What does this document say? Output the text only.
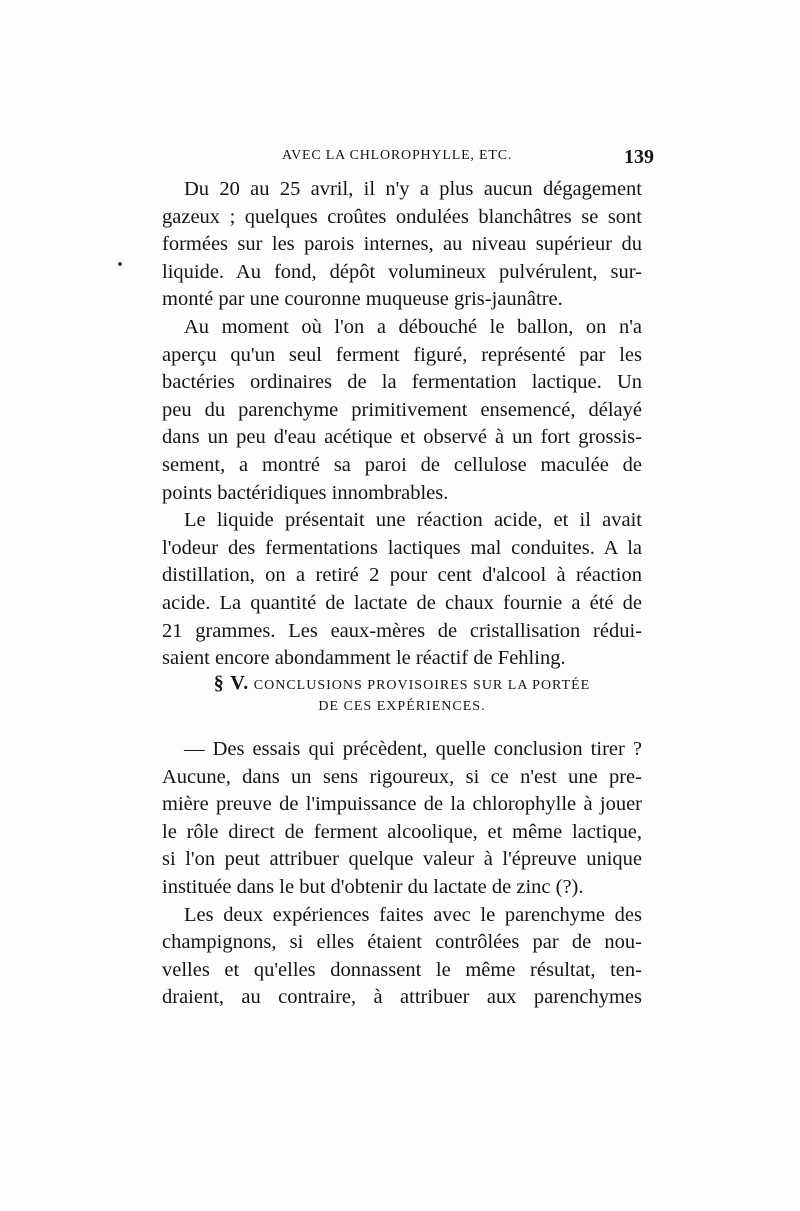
AVEC LA CHLOROPHYLLE, ETC.	139
Du 20 au 25 avril, il n'y a plus aucun dégagement
gazeux ; quelques croûtes ondulées blanchâtres se sont
formées sur les parois internes, au niveau supérieur du
liquide. Au fond, dépôt volumineux pulvérulent, sur-
monté par une couronne muqueuse gris-jaunâtre.
Au moment où l'on a débouché le ballon, on n'a
aperçu qu'un seul ferment figuré, représenté par les
bactéries ordinaires de la fermentation lactique. Un
peu du parenchyme primitivement ensemencé, délayé
dans un peu d'eau acétique et observé à un fort grossis-
sement, a montré sa paroi de cellulose maculée de
points bactéridiques innombrables.
Le liquide présentait une réaction acide, et il avait
l'odeur des fermentations lactiques mal conduites. A la
distillation, on a retiré 2 pour cent d'alcool à réaction
acide. La quantité de lactate de chaux fournie a été de
21 grammes. Les eaux-mères de cristallisation rédui-
saient encore abondamment le réactif de Fehling.
§ V. CONCLUSIONS PROVISOIRES SUR LA PORTÉE
DE CES EXPÉRIENCES.
— Des essais qui précèdent, quelle conclusion tirer ?
Aucune, dans un sens rigoureux, si ce n'est une pre-
mière preuve de l'impuissance de la chlorophylle à jouer
le rôle direct de ferment alcoolique, et même lactique,
si l'on peut attribuer quelque valeur à l'épreuve unique
instituée dans le but d'obtenir du lactate de zinc (?).
Les deux expériences faites avec le parenchyme des
champignons, si elles étaient contrôlées par de nou-
velles et qu'elles donnassent le même résultat, ten-
draient, au contraire, à attribuer aux parenchymes
